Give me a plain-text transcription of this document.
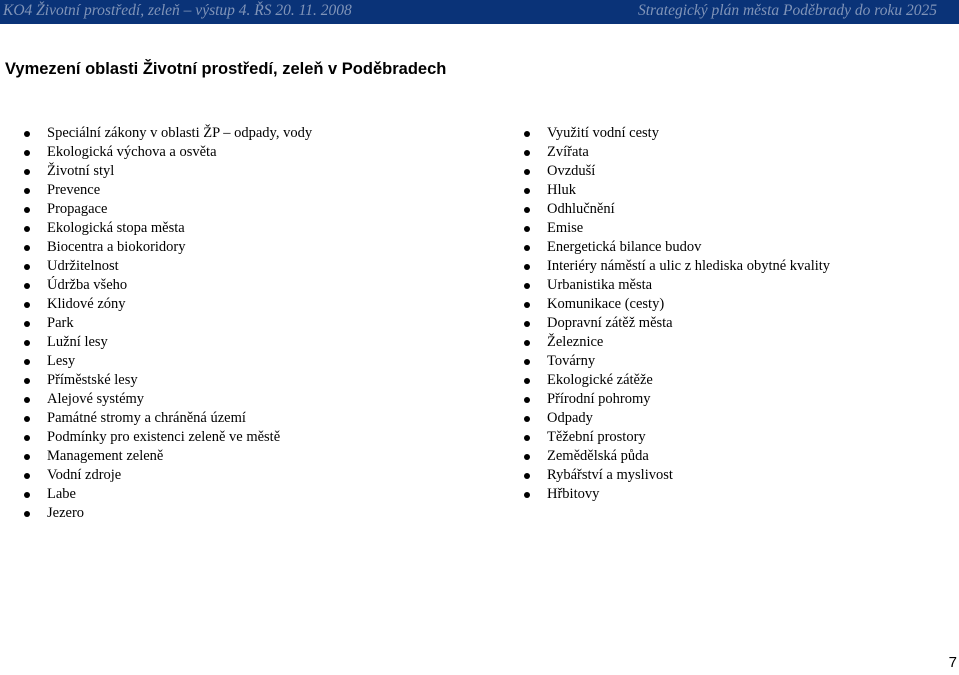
KO4 Životní prostředí, zeleň – výstup 4. ŘS 20. 11. 2008	Strategický plán města Poděbrady do roku 2025
Vymezení oblasti Životní prostředí, zeleň v Poděbradech
Speciální zákony v oblasti ŽP – odpady, vody
Ekologická výchova a osvěta
Životní styl
Prevence
Propagace
Ekologická stopa města
Biocentra a biokoridory
Udržitelnost
Údržba všeho
Klidové zóny
Park
Lužní lesy
Lesy
Příměstské lesy
Alejové systémy
Památné stromy a chráněná území
Podmínky pro existenci zeleně ve městě
Management zeleně
Vodní zdroje
Labe
Jezero
Využití vodní cesty
Zvířata
Ovzduší
Hluk
Odhlučnění
Emise
Energetická bilance budov
Interiéry náměstí a ulic z hlediska obytné kvality
Urbanistika města
Komunikace (cesty)
Dopravní zátěž města
Železnice
Továrny
Ekologické zátěže
Přírodní pohromy
Odpady
Těžební prostory
Zemědělská půda
Rybářství a myslivost
Hřbitovy
7
